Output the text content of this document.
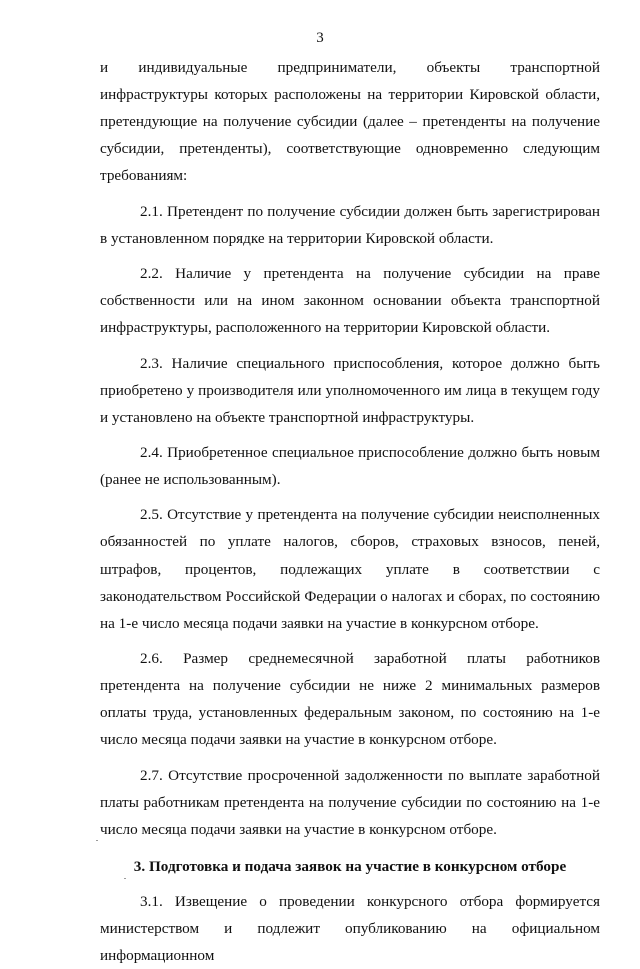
3

и индивидуальные предприниматели, объекты транспортной инфраструктуры которых расположены на территории Кировской области, претендующие на получение субсидии (далее – претенденты на получение субсидии, претенденты), соответствующие одновременно следующим требованиям:

2.1. Претендент по получение субсидии должен быть зарегистрирован в установленном порядке на территории Кировской области.

2.2. Наличие у претендента на получение субсидии на праве собственности или на ином законном основании объекта транспортной инфраструктуры, расположенного на территории Кировской области.

2.3. Наличие специального приспособления, которое должно быть приобретено у производителя или уполномоченного им лица в текущем году и установлено на объекте транспортной инфраструктуры.

2.4. Приобретенное специальное приспособление должно быть новым (ранее не использованным).

2.5. Отсутствие у претендента на получение субсидии неисполненных обязанностей по уплате налогов, сборов, страховых взносов, пеней, штрафов, процентов, подлежащих уплате в соответствии с законодательством Российской Федерации о налогах и сборах, по состоянию на 1-е число месяца подачи заявки на участие в конкурсном отборе.

2.6. Размер среднемесячной заработной платы работников претендента на получение субсидии не ниже 2 минимальных размеров оплаты труда, установленных федеральным законом, по состоянию на 1-е число месяца подачи заявки на участие в конкурсном отборе.

2.7. Отсутствие просроченной задолженности по выплате заработной платы работникам претендента на получение субсидии по состоянию на 1-е число месяца подачи заявки на участие в конкурсном отборе.

3. Подготовка и подача заявок на участие в конкурсном отборе

3.1. Извещение о проведении конкурсного отбора формируется министерством и подлежит опубликованию на официальном информационном
